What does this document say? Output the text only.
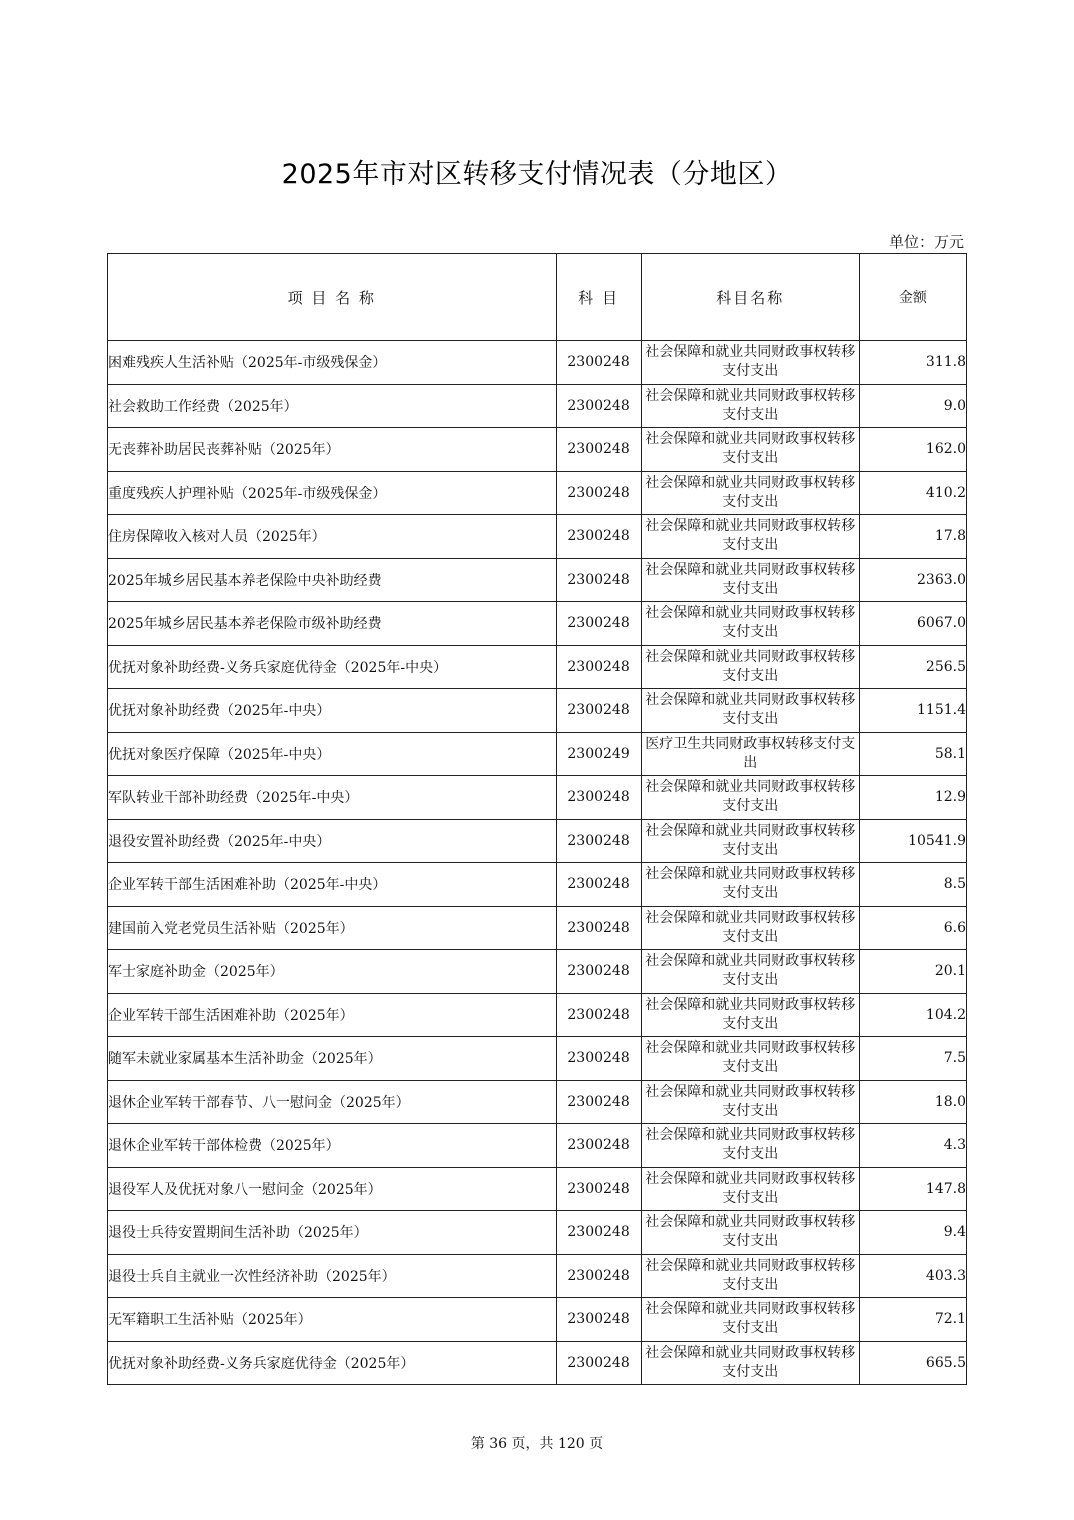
2025年市对区转移支付情况表（分地区）
单位：万元
项 目 名 称	科 目	科目名称	金额
困难残疾人生活补贴（2025年-市级残保金）	2300248	社会保障和就业共同财政事权转移支付支出	311.8
社会救助工作经费（2025年）	2300248	社会保障和就业共同财政事权转移支付支出	9.0
无丧葬补助居民丧葬补贴（2025年）	2300248	社会保障和就业共同财政事权转移支付支出	162.0
重度残疾人护理补贴（2025年-市级残保金）	2300248	社会保障和就业共同财政事权转移支付支出	410.2
住房保障收入核对人员（2025年）	2300248	社会保障和就业共同财政事权转移支付支出	17.8
2025年城乡居民基本养老保险中央补助经费	2300248	社会保障和就业共同财政事权转移支付支出	2363.0
2025年城乡居民基本养老保险市级补助经费	2300248	社会保障和就业共同财政事权转移支付支出	6067.0
优抚对象补助经费-义务兵家庭优待金（2025年-中央）	2300248	社会保障和就业共同财政事权转移支付支出	256.5
优抚对象补助经费（2025年-中央）	2300248	社会保障和就业共同财政事权转移支付支出	1151.4
优抚对象医疗保障（2025年-中央）	2300249	医疗卫生共同财政事权转移支付支出	58.1
军队转业干部补助经费（2025年-中央）	2300248	社会保障和就业共同财政事权转移支付支出	12.9
退役安置补助经费（2025年-中央）	2300248	社会保障和就业共同财政事权转移支付支出	10541.9
企业军转干部生活困难补助（2025年-中央）	2300248	社会保障和就业共同财政事权转移支付支出	8.5
建国前入党老党员生活补贴（2025年）	2300248	社会保障和就业共同财政事权转移支付支出	6.6
军士家庭补助金（2025年）	2300248	社会保障和就业共同财政事权转移支付支出	20.1
企业军转干部生活困难补助（2025年）	2300248	社会保障和就业共同财政事权转移支付支出	104.2
随军未就业家属基本生活补助金（2025年）	2300248	社会保障和就业共同财政事权转移支付支出	7.5
退休企业军转干部春节、八一慰问金（2025年）	2300248	社会保障和就业共同财政事权转移支付支出	18.0
退休企业军转干部体检费（2025年）	2300248	社会保障和就业共同财政事权转移支付支出	4.3
退役军人及优抚对象八一慰问金（2025年）	2300248	社会保障和就业共同财政事权转移支付支出	147.8
退役士兵待安置期间生活补助（2025年）	2300248	社会保障和就业共同财政事权转移支付支出	9.4
退役士兵自主就业一次性经济补助（2025年）	2300248	社会保障和就业共同财政事权转移支付支出	403.3
无军籍职工生活补贴（2025年）	2300248	社会保障和就业共同财政事权转移支付支出	72.1
优抚对象补助经费-义务兵家庭优待金（2025年）	2300248	社会保障和就业共同财政事权转移支付支出	665.5
第 36 页，共 120 页
